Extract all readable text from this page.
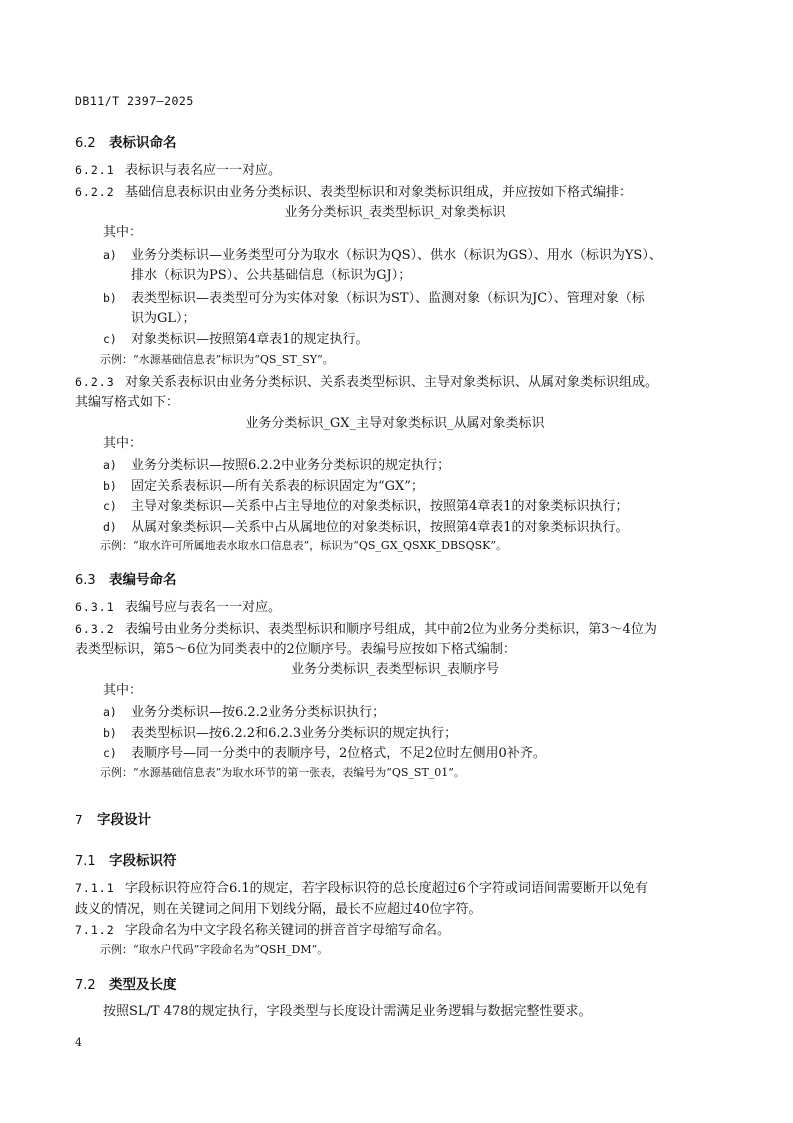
DB11/T 2397—2025
6.2 表标识命名
6.2.1 表标识与表名应一一对应。
6.2.2 基础信息表标识由业务分类标识、表类型标识和对象类标识组成，并应按如下格式编排：
业务分类标识_表类型标识_对象类标识
其中：
a) 业务分类标识—业务类型可分为取水（标识为QS）、供水（标识为GS）、用水（标识为YS）、
排水（标识为PS）、公共基础信息（标识为GJ）；
b) 表类型标识—表类型可分为实体对象（标识为ST）、监测对象（标识为JC）、管理对象（标
识为GL）；
c) 对象类标识—按照第4章表1的规定执行。
示例：“水源基础信息表”标识为“QS_ST_SY”。
6.2.3 对象关系表标识由业务分类标识、关系表类型标识、主导对象类标识、从属对象类标识组成。
其编写格式如下：
业务分类标识_GX_主导对象类标识_从属对象类标识
其中：
a) 业务分类标识—按照6.2.2中业务分类标识的规定执行；
b) 固定关系表标识—所有关系表的标识固定为“GX”；
c) 主导对象类标识—关系中占主导地位的对象类标识，按照第4章表1的对象类标识执行；
d) 从属对象类标识—关系中占从属地位的对象类标识，按照第4章表1的对象类标识执行。
示例：“取水许可所属地表水取水口信息表”，标识为“QS_GX_QSXK_DBSQSK”。
6.3 表编号命名
6.3.1 表编号应与表名一一对应。
6.3.2 表编号由业务分类标识、表类型标识和顺序号组成，其中前2位为业务分类标识，第3～4位为
表类型标识，第5～6位为同类表中的2位顺序号。表编号应按如下格式编制：
业务分类标识_表类型标识_表顺序号
其中：
a) 业务分类标识—按6.2.2业务分类标识执行；
b) 表类型标识—按6.2.2和6.2.3业务分类标识的规定执行；
c) 表顺序号—同一分类中的表顺序号，2位格式，不足2位时左侧用0补齐。
示例：“水源基础信息表”为取水环节的第一张表，表编号为“QS_ST_01”。
7 字段设计
7.1 字段标识符
7.1.1 字段标识符应符合6.1的规定，若字段标识符的总长度超过6个字符或词语间需要断开以免有
歧义的情况，则在关键词之间用下划线分隔，最长不应超过40位字符。
7.1.2 字段命名为中文字段名称关键词的拼音首字母缩写命名。
示例：“取水户代码”字段命名为“QSH_DM”。
7.2 类型及长度
按照SL/T 478的规定执行，字段类型与长度设计需满足业务逻辑与数据完整性要求。
4
